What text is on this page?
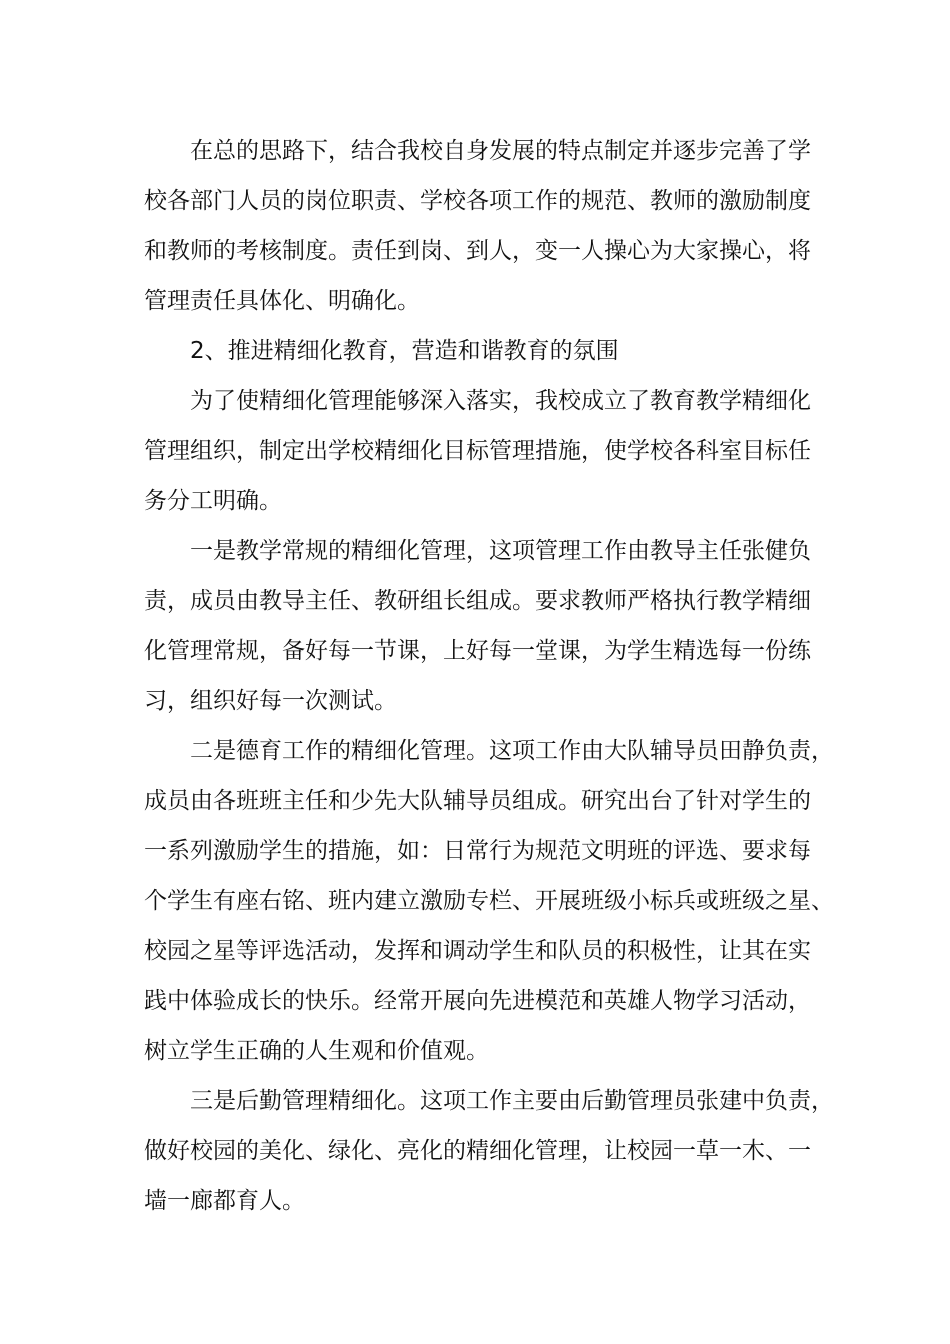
在总的思路下，结合我校自身发展的特点制定并逐步完善了学
校各部门人员的岗位职责、学校各项工作的规范、教师的激励制度
和教师的考核制度。责任到岗、到人，变一人操心为大家操心，将
管理责任具体化、明确化。
2、推进精细化教育，营造和谐教育的氛围
为了使精细化管理能够深入落实，我校成立了教育教学精细化
管理组织，制定出学校精细化目标管理措施，使学校各科室目标任
务分工明确。
一是教学常规的精细化管理，这项管理工作由教导主任张健负
责，成员由教导主任、教研组长组成。要求教师严格执行教学精细
化管理常规，备好每一节课，上好每一堂课，为学生精选每一份练
习，组织好每一次测试。
二是德育工作的精细化管理。这项工作由大队辅导员田静负责，
成员由各班班主任和少先大队辅导员组成。研究出台了针对学生的
一系列激励学生的措施，如：日常行为规范文明班的评选、要求每
个学生有座右铭、班内建立激励专栏、开展班级小标兵或班级之星、
校园之星等评选活动，发挥和调动学生和队员的积极性，让其在实
践中体验成长的快乐。经常开展向先进模范和英雄人物学习活动，
树立学生正确的人生观和价值观。
三是后勤管理精细化。这项工作主要由后勤管理员张建中负责，
做好校园的美化、绿化、亮化的精细化管理，让校园一草一木、一
墙一廊都育人。
